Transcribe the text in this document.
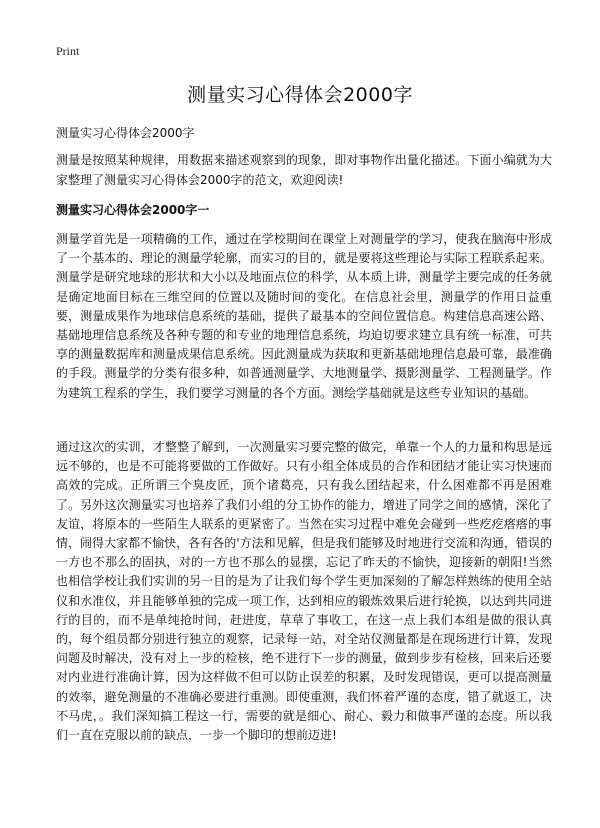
Print
测量实习心得体会2000字

测量实习心得体会2000字

测量是按照某种规律，用数据来描述观察到的现象，即对事物作出量化描述。下面小编就为大家整理了测量实习心得体会2000字的范文，欢迎阅读!

测量实习心得体会2000字一

测量学首先是一项精确的工作，通过在学校期间在课堂上对测量学的学习，使我在脑海中形成了一个基本的、理论的测量学轮廓，而实习的目的，就是要将这些理论与实际工程联系起来。测量学是研究地球的形状和大小以及地面点位的科学，从本质上讲，测量学主要完成的任务就是确定地面目标在三维空间的位置以及随时间的变化。在信息社会里，测量学的作用日益重要，测量成果作为地球信息系统的基础，提供了最基本的空间位置信息。构建信息高速公路、基础地理信息系统及各种专题的和专业的地理信息系统，均迫切要求建立具有统一标准，可共享的测量数据库和测量成果信息系统。因此测量成为获取和更新基础地理信息最可靠，最准确的手段。测量学的分类有很多种，如普通测量学、大地测量学、摄影测量学、工程测量学。作为建筑工程系的学生，我们要学习测量的各个方面。测绘学基础就是这些专业知识的基础。

通过这次的实训，才整整了解到，一次测量实习要完整的做完，单靠一个人的力量和构思是远远不够的，也是不可能将要做的工作做好。只有小组全体成员的合作和团结才能让实习快速而高效的完成。正所谓三个臭皮匠，顶个诸葛亮，只有我么团结起来，什么困难都不再是困难了。另外这次测量实习也培养了我们小组的分工协作的能力，增进了同学之间的感情，深化了友谊，将原本的一些陌生人联系的更紧密了。当然在实习过程中难免会碰到一些疙疙瘩瘩的事情，闹得大家都不愉快，各有各的'方法和见解，但是我们能够及时地进行交流和沟通，错误的一方也不那么的固执，对的一方也不那么的显摆，忘记了昨天的不愉快，迎接新的朝阳!当然也相信学校让我们实训的另一目的是为了让我们每个学生更加深刻的了解怎样熟练的使用全站仪和水准仪，并且能够单独的完成一项工作，达到相应的锻炼效果后进行轮换，以达到共同进行的目的，而不是单纯抢时间，赶进度，草草了事收工，在这一点上我们本组是做的很认真的，每个组员都分别进行独立的观察，记录每一站，对全站仪测量都是在现场进行计算，发现问题及时解决，没有对上一步的检核，绝不进行下一步的测量，做到步步有检核，回来后还要对内业进行准确计算，因为这样做不但可以防止误差的积累，及时发现错误，更可以提高测量的效率，避免测量的不准确必要进行重测。即使重测，我们怀着严谨的态度，错了就返工，决不马虎，。我们深知搞工程这一行，需要的就是细心、耐心、毅力和做事严谨的态度。所以我们一直在克服以前的缺点，一步一个脚印的想前迈进!
